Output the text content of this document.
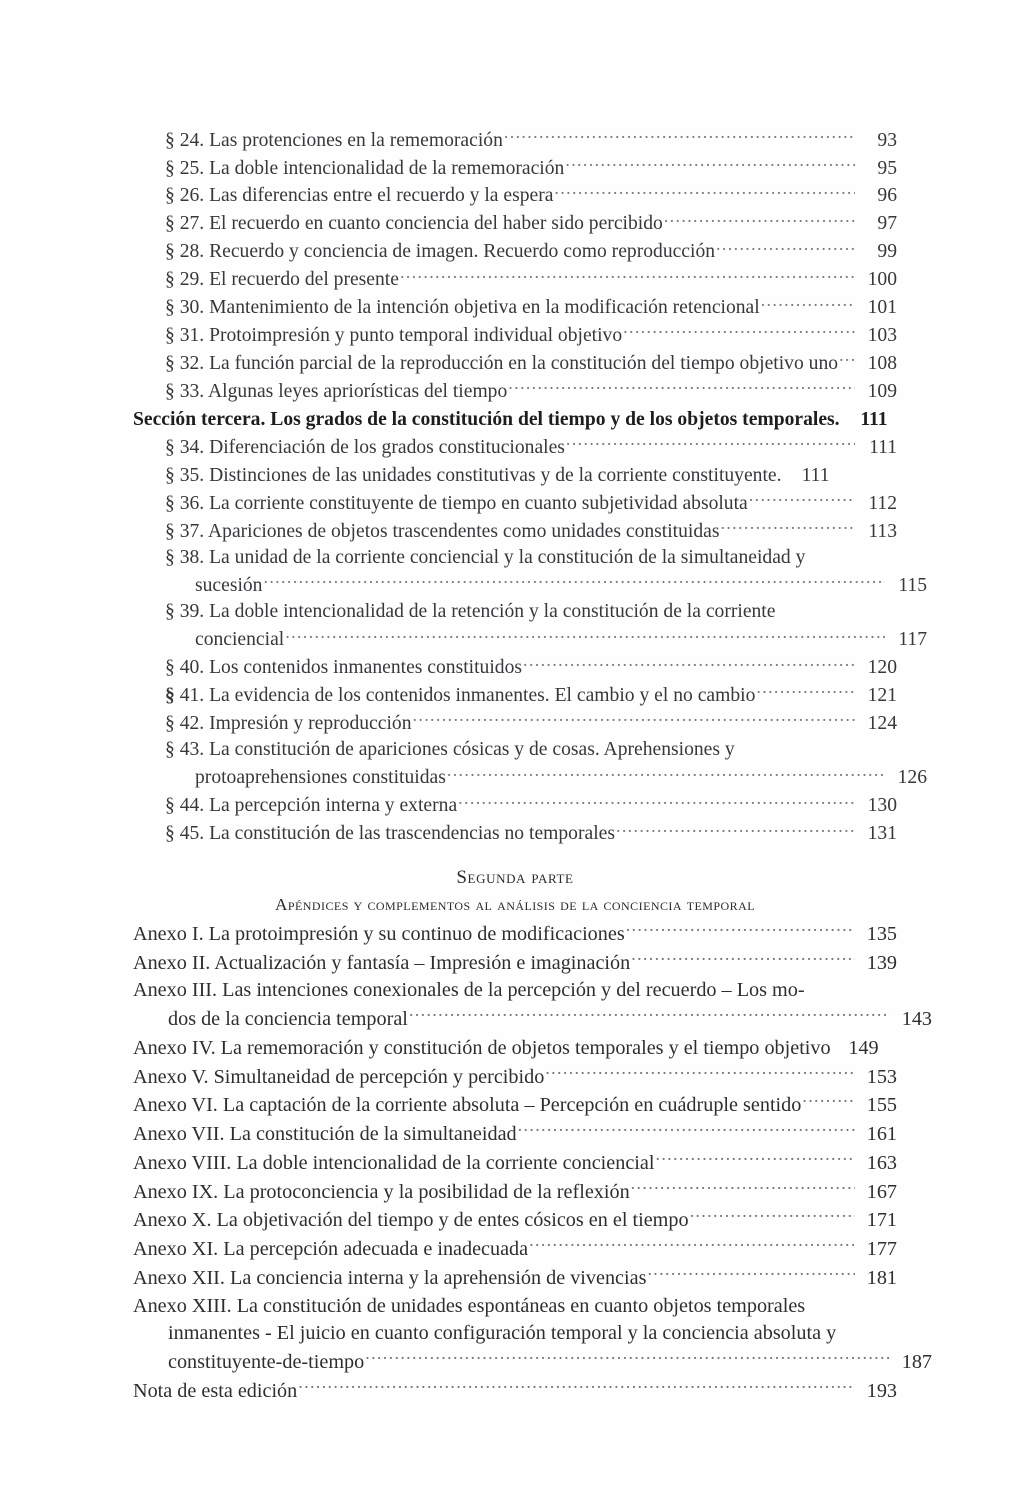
§ 24. Las protenciones en la rememoración .....	93
§ 25. La doble intencionalidad de la rememoración .....	95
§ 26. Las diferencias entre el recuerdo y la espera .....	96
§ 27. El recuerdo en cuanto conciencia del haber sido percibido .....	97
§ 28. Recuerdo y conciencia de imagen. Recuerdo como reproducción .....	99
§ 29. El recuerdo del presente .....	100
§ 30. Mantenimiento de la intención objetiva en la modificación retencional .....	101
§ 31. Protoimpresión y punto temporal individual objetivo .....	103
§ 32. La función parcial de la reproducción en la constitución del tiempo objetivo uno .....	108
§ 33. Algunas leyes apriorísticas del tiempo .....	109
Sección tercera. Los grados de la constitución del tiempo y de los objetos temporales.	111
§ 34. Diferenciación de los grados constitucionales .....	111
§ 35. Distinciones de las unidades constitutivas y de la corriente constituyente.	111
§ 36. La corriente constituyente de tiempo en cuanto subjetividad absoluta .....	112
§ 37. Apariciones de objetos trascendentes como unidades constituidas .....	113
§ 38. La unidad de la corriente conciencial y la constitución de la simultaneidad y
sucesión .....	115
§ 39. La doble intencionalidad de la retención y la constitución de la corriente
conciencial .....	117
§ 40. Los contenidos inmanentes constituidos .....	120
§ 41. La evidencia de los contenidos inmanentes. El cambio y el no cambio .....	121
§ 42. Impresión y reproducción .....	124
§ 43. La constitución de apariciones cósicas y de cosas. Aprehensiones y
protoaprehensiones constituidas .....	126
§ 44. La percepción interna y externa .....	130
§ 45. La constitución de las trascendencias no temporales .....	131
Segunda parte
Apéndices y complementos al análisis de la conciencia temporal
Anexo I. La protoimpresión y su continuo de modificaciones .....	135
Anexo II. Actualización y fantasía – Impresión e imaginación .....	139
Anexo III. Las intenciones conexionales de la percepción y del recuerdo – Los mo-
dos de la conciencia temporal .....	143
Anexo IV. La rememoración y constitución de objetos temporales y el tiempo objetivo 149
Anexo V. Simultaneidad de percepción y percibido .....	153
Anexo VI. La captación de la corriente absoluta – Percepción en cuádruple sentido .....	155
Anexo VII. La constitución de la simultaneidad .....	161
Anexo VIII. La doble intencionalidad de la corriente conciencial .....	163
Anexo IX. La protoconciencia y la posibilidad de la reflexión .....	167
Anexo X. La objetivación del tiempo y de entes cósicos en el tiempo .....	171
Anexo XI. La percepción adecuada e inadecuada .....	177
Anexo XII. La conciencia interna y la aprehensión de vivencias .....	181
Anexo XIII. La constitución de unidades espontáneas en cuanto objetos temporales
inmanentes - El juicio en cuanto configuración temporal y la conciencia absoluta y
constituyente-de-tiempo .....	187
Nota de esta edición .....	193
